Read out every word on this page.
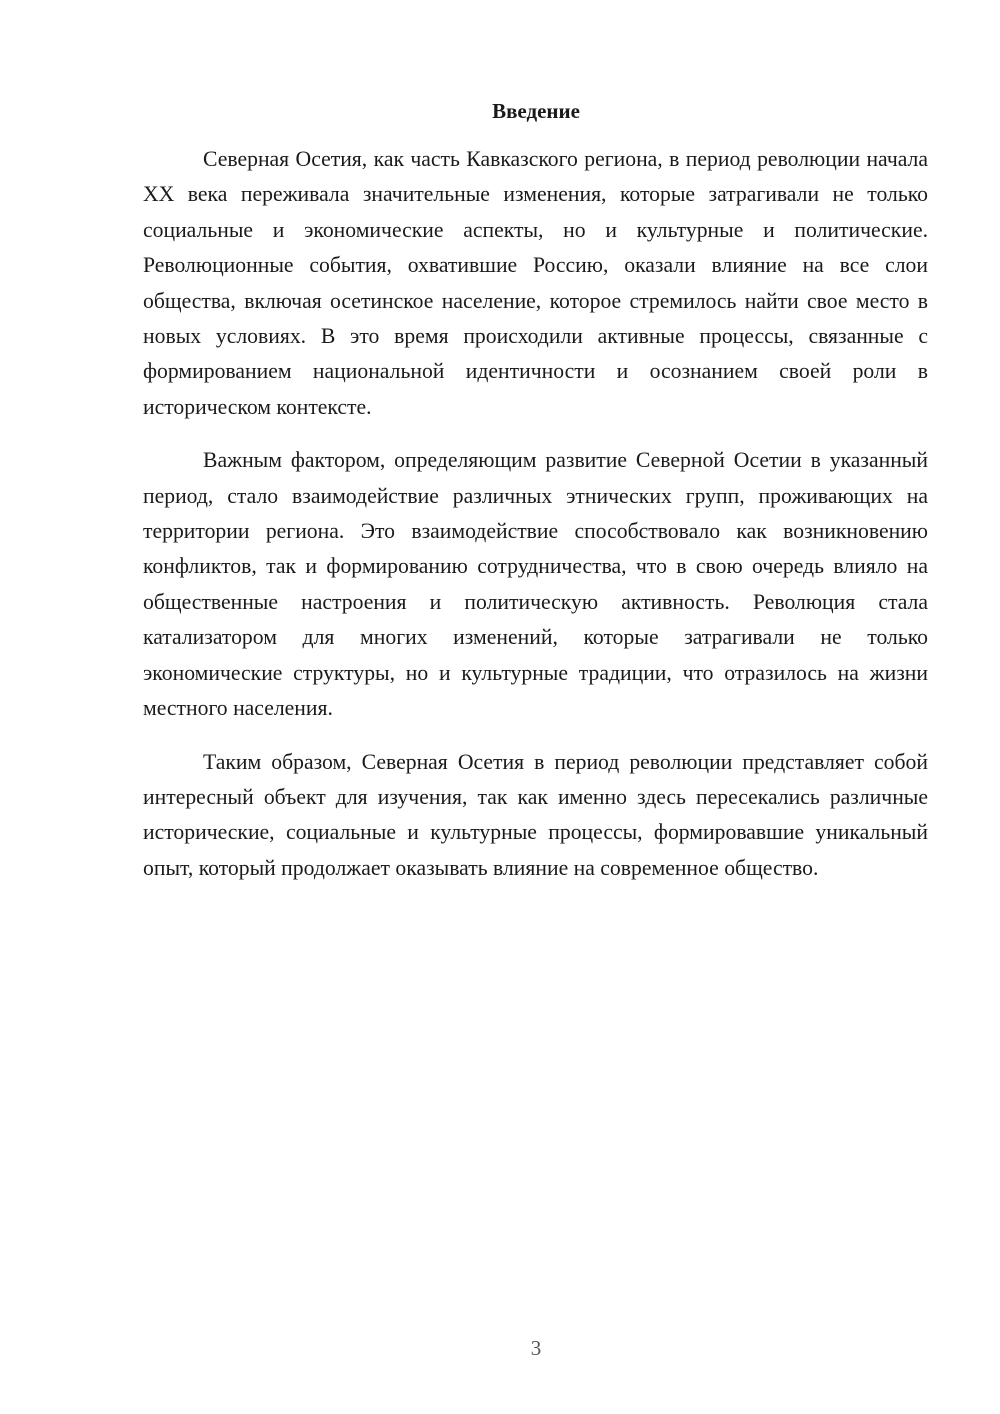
Введение

Северная Осетия, как часть Кавказского региона, в период революции начала XX века переживала значительные изменения, которые затрагивали не только социальные и экономические аспекты, но и культурные и политические. Революционные события, охватившие Россию, оказали влияние на все слои общества, включая осетинское население, которое стремилось найти свое место в новых условиях. В это время происходили активные процессы, связанные с формированием национальной идентичности и осознанием своей роли в историческом контексте.

Важным фактором, определяющим развитие Северной Осетии в указанный период, стало взаимодействие различных этнических групп, проживающих на территории региона. Это взаимодействие способствовало как возникновению конфликтов, так и формированию сотрудничества, что в свою очередь влияло на общественные настроения и политическую активность. Революция стала катализатором для многих изменений, которые затрагивали не только экономические структуры, но и культурные традиции, что отразилось на жизни местного населения.

Таким образом, Северная Осетия в период революции представляет собой интересный объект для изучения, так как именно здесь пересекались различные исторические, социальные и культурные процессы, формировавшие уникальный опыт, который продолжает оказывать влияние на современное общество.

3
